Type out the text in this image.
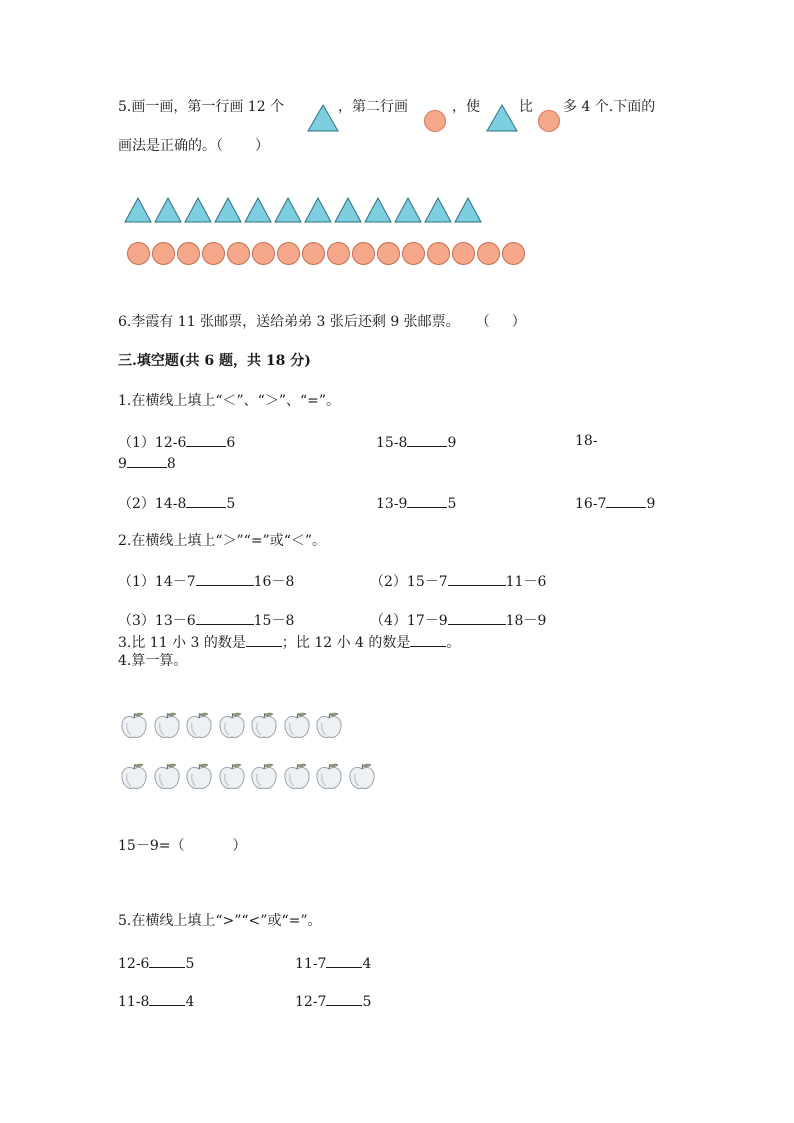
5.画一画，第一行画 12 个	，第二行画	，使	比 多 4 个.下面的
画法是正确的。（ ）
6.李霞有 11 张邮票，送给弟弟 3 张后还剩 9 张邮票。 （ ）
三.填空题(共 6 题，共 18 分)
1.在横线上填上“＜”、“＞”、“=”。
（1）12-6	6	15-8	9	18-
9	8
（2）14-8	5	13-9	5	16-7	9
2.在横线上填上“＞”“=”或“＜”。
（1）14－7	16－8	（2）15－7	11－6
（3）13－6	15－8	（4）17－9	18－9
3.比 11 小 3 的数是	；比 12 小 4 的数是	。
4.算一算。
15－9=（	）
5.在横线上填上“>”“<”或“=”。
12-6	5	11-7	4
11-8	4	12-7	5
